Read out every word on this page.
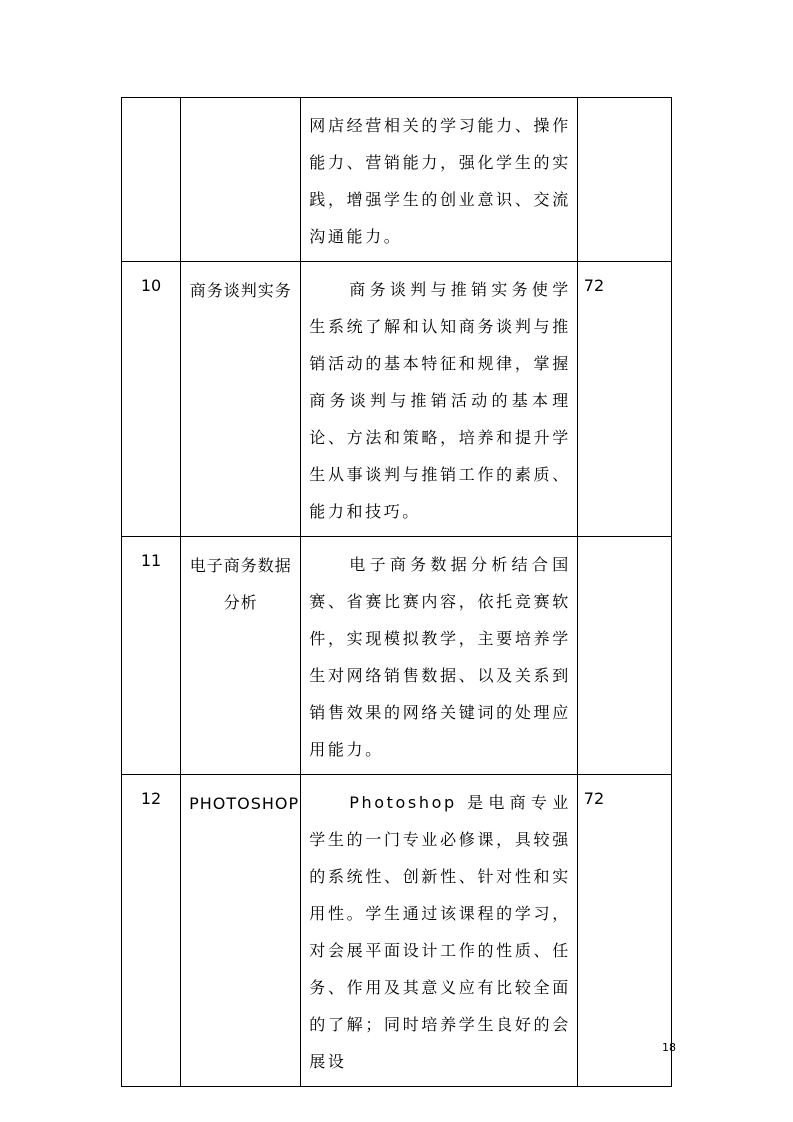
		网店经营相关的学习能力、操作能力、营销能力，强化学生的实践，增强学生的创业意识、交流沟通能力。	
10	商务谈判实务	商务谈判与推销实务使学生系统了解和认知商务谈判与推销活动的基本特征和规律，掌握商务谈判与推销活动的基本理论、方法和策略，培养和提升学生从事谈判与推销工作的素质、能力和技巧。	72
11	电子商务数据分析	电子商务数据分析结合国赛、省赛比赛内容，依托竞赛软件，实现模拟教学，主要培养学生对网络销售数据、以及关系到销售效果的网络关键词的处理应用能力。	
12	PHOTOSHOP	Photoshop 是电商专业学生的一门专业必修课，具较强的系统性、创新性、针对性和实用性。学生通过该课程的学习，对会展平面设计工作的性质、任务、作用及其意义应有比较全面的了解；同时培养学生良好的会展设	72
18
